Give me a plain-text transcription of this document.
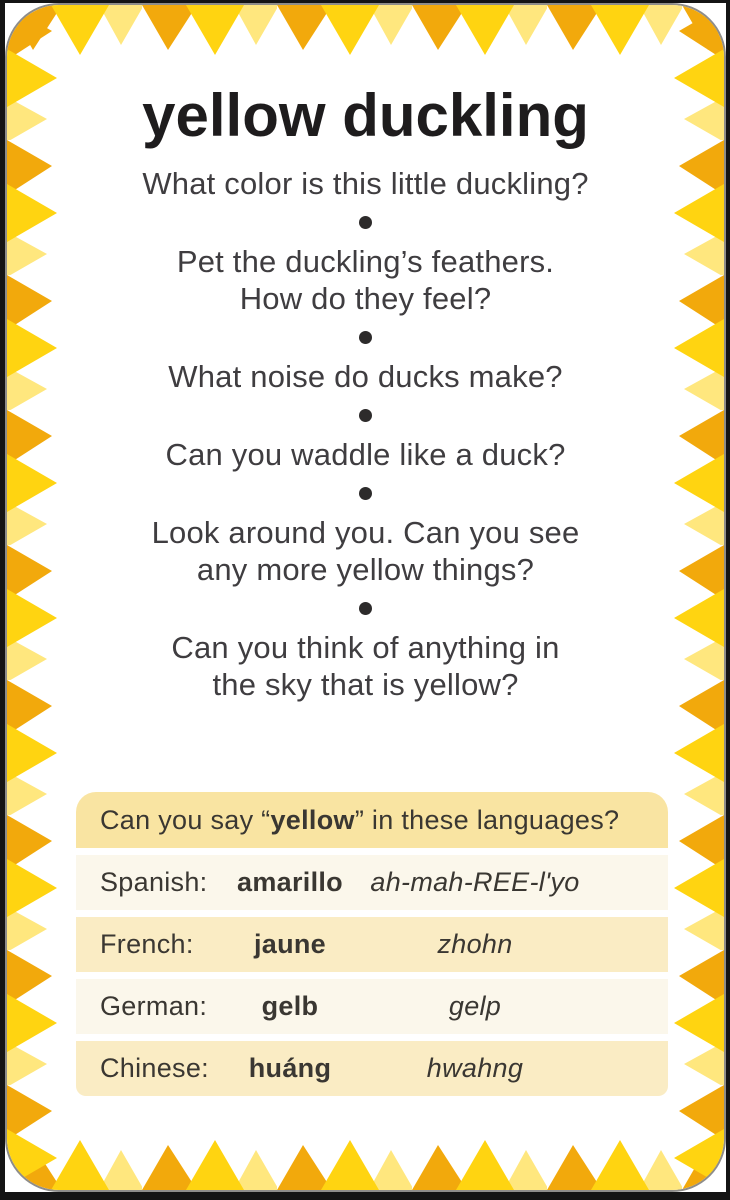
yellow duckling

What color is this little duckling?

Pet the duckling’s feathers.
How do they feel?

What noise do ducks make?

Can you waddle like a duck?

Look around you. Can you see
any more yellow things?

Can you think of anything in
the sky that is yellow?

Can you say “ yellow ” in these languages?
Spanish:	amarillo	ah-mah-REE-l'yo
French:	jaune	zhohn
German:	gelb	gelp
Chinese:	huáng	hwahng
